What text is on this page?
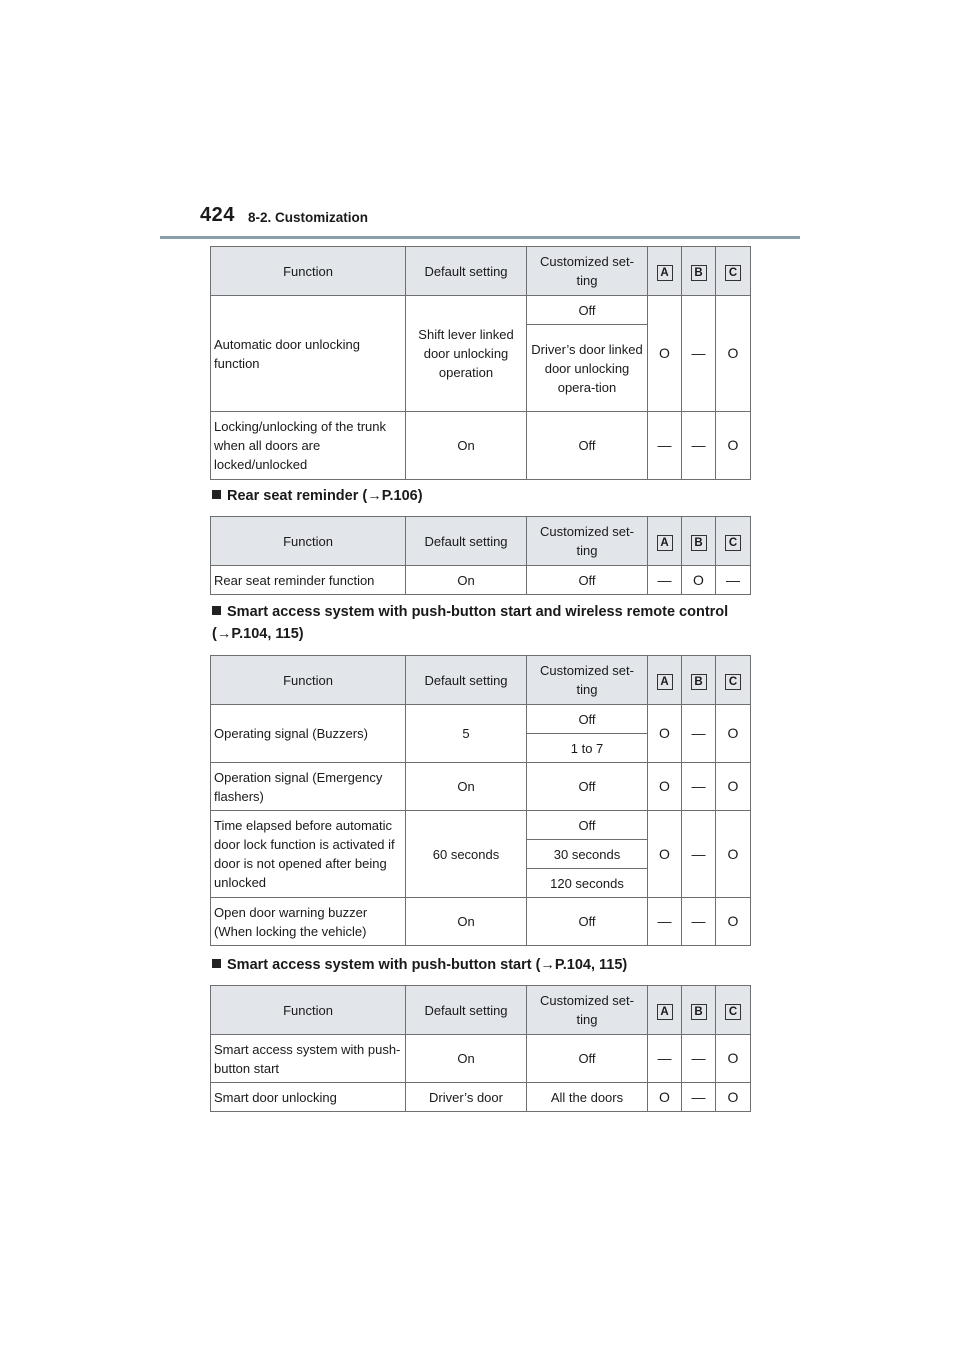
424 8-2. Customization
Function	Default setting	Customized set-ting	A	B	C
Automatic door unlocking function	Shift lever linked door unlocking operation	Off	O	—	O
		Driver’s door linked door unlocking opera-tion			
Locking/unlocking of the trunk when all doors are locked/unlocked	On	Off	—	—	O
Rear seat reminder (→P.106)
Function	Default setting	Customized set-ting	A	B	C
Rear seat reminder function	On	Off	—	O	—
Smart access system with push-button start and wireless remote control
(→P.104, 115)
Function	Default setting	Customized set-ting	A	B	C
Operating signal (Buzzers)	5	Off	O	—	O
		1 to 7			
Operation signal (Emergency flashers)	On	Off	O	—	O
Time elapsed before automatic door lock function is activated if door is not opened after being unlocked	60 seconds	Off	O	—	O
		30 seconds			
		120 seconds			
Open door warning buzzer (When locking the vehicle)	On	Off	—	—	O
Smart access system with push-button start (→P.104, 115)
Function	Default setting	Customized set-ting	A	B	C
Smart access system with push-button start	On	Off	—	—	O
Smart door unlocking	Driver’s door	All the doors	O	—	O
